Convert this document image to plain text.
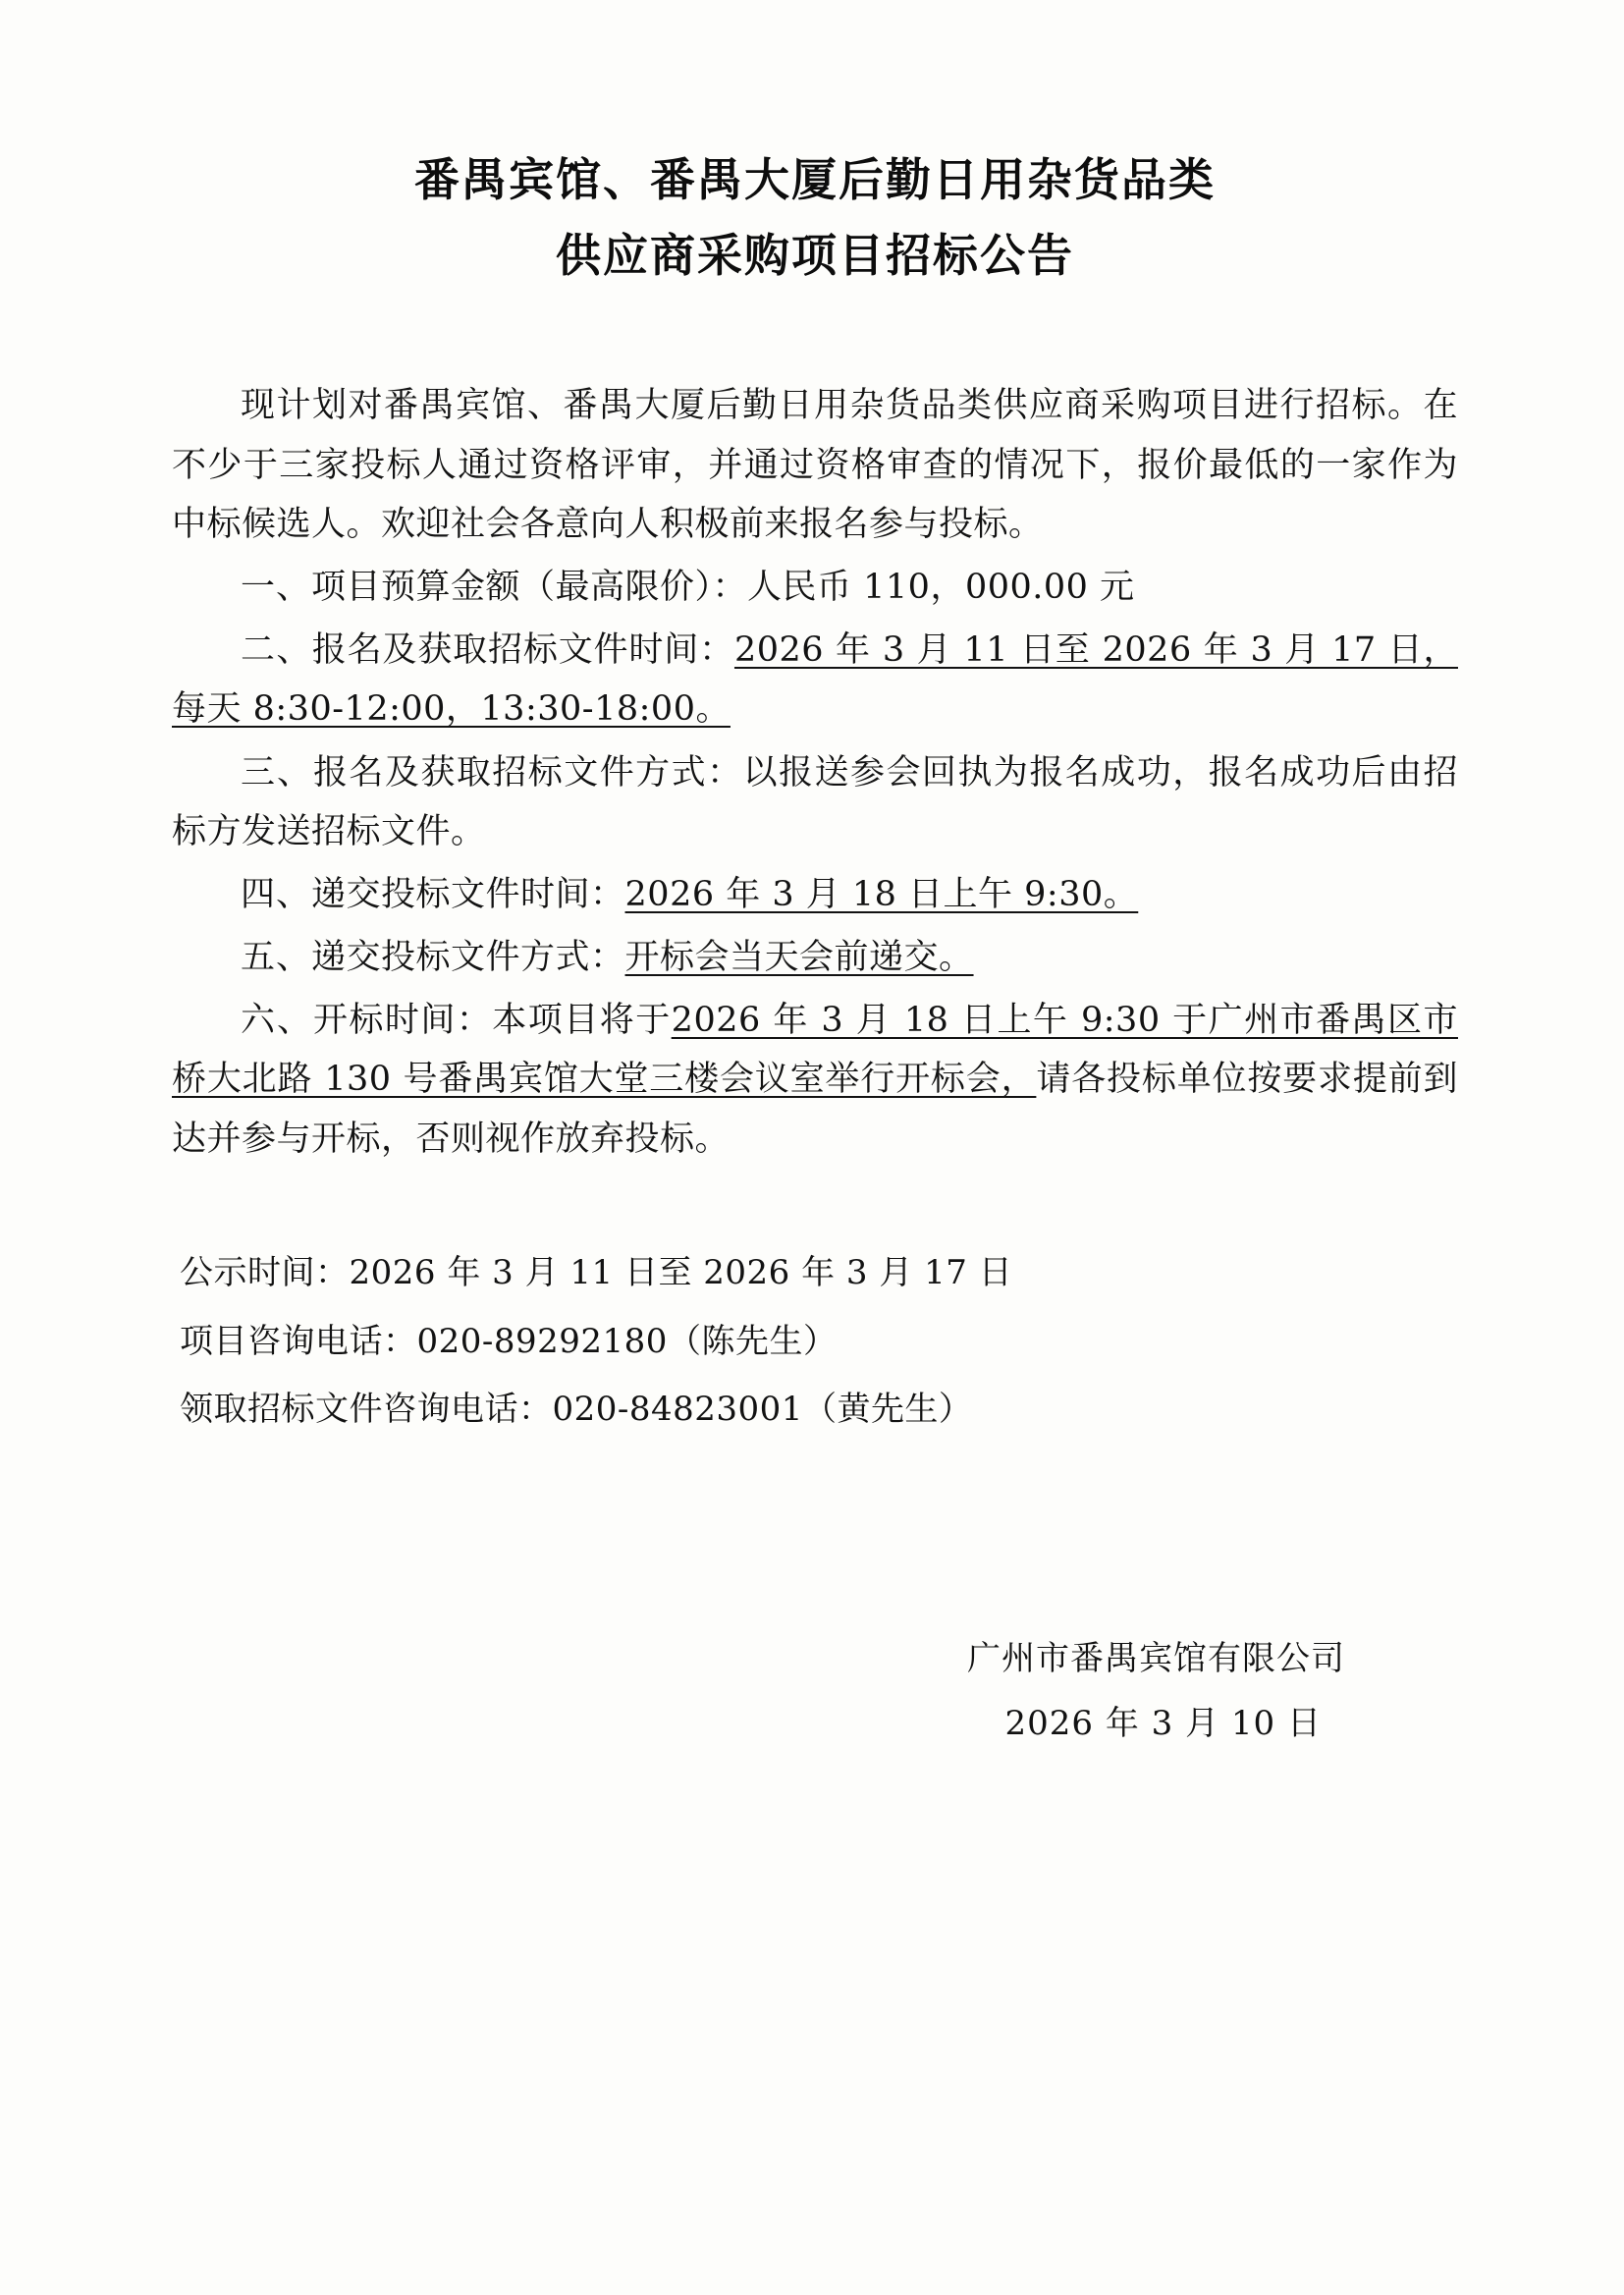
番禺宾馆、番禺大厦后勤日用杂货品类
供应商采购项目招标公告

现计划对番禺宾馆、番禺大厦后勤日用杂货品类供应商采购项目进行招标。在不少于三家投标人通过资格评审，并通过资格审查的情况下，报价最低的一家作为中标候选人。欢迎社会各意向人积极前来报名参与投标。

一、项目预算金额（最高限价）：人民币 110，000.00 元

二、报名及获取招标文件时间：2026 年 3 月 11 日至 2026 年 3 月 17 日，每天 8:30-12:00，13:30-18:00。

三、报名及获取招标文件方式：以报送参会回执为报名成功，报名成功后由招标方发送招标文件。

四、递交投标文件时间：2026 年 3 月 18 日上午 9:30。

五、递交投标文件方式：开标会当天会前递交。

六、开标时间：本项目将于2026 年 3 月 18 日上午 9:30 于广州市番禺区市桥大北路 130 号番禺宾馆大堂三楼会议室举行开标会，请各投标单位按要求提前到达并参与开标，否则视作放弃投标。

公示时间：2026 年 3 月 11 日至 2026 年 3 月 17 日

项目咨询电话：020-89292180（陈先生）

领取招标文件咨询电话：020-84823001（黄先生）

广州市番禺宾馆有限公司

2026 年 3 月 10 日
